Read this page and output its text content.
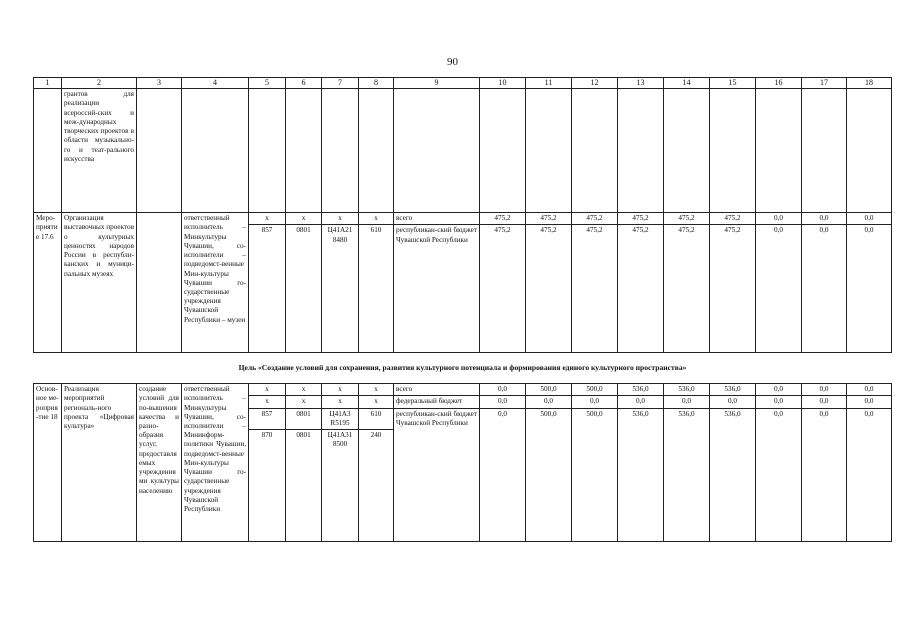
90
1	2	3	4	5	6	7	8	9	10	11	12	13	14	15	16	17	18
	грантов для реализации всероссий-ских и меж-дународных творческих проектов в области музыкально-го и теат-рального искусства																
Меро-приятие 17.6	Организация выставочных проектов о культурных ценностях народов России в республи-канских и муници-пальных музеях		ответственный исполнитель – Минкультуры Чувашии, со-исполнители – подведомст-венные Мин-культуры Чувашии го-сударственные учреждения Чувашской Республики – музеи	x	x	x	x	всего	475,2	475,2	475,2	475,2	475,2	475,2	0,0	0,0	0,0
				857	0801	Ц41А21 8480	610	республикан-ский бюджет Чувашской Республики	475,2	475,2	475,2	475,2	475,2	475,2	0,0	0,0	0,0
Цель «Создание условий для сохранения, развития культурного потенциала и формирования единого культурного пространства»																	
Основ-ное ме-роприя-тие 18	Реализация мероприятий региональ-ного проекта «Цифровая культура»	создание условий для по-вышения качества и разно-образия услуг, предоставляемых учреждениями культуры населению	ответственный исполнитель – Минкультуры Чувашии, со-исполнители – Мининформ-политики Чувашии, подведомст-венные Мин-культуры Чувашии го-сударственные учреждения Чувашской Республики	x	x	x	x	всего	0,0	500,0	500,0	536,0	536,0	536,0	0,0	0,0	0,0
				x	x	x	x	федеральный бюджет	0,0	0,0	0,0	0,0	0,0	0,0	0,0	0,0	0,0
				857	0801	Ц41А3 R5195	610	республикан-ский бюджет Чувашской Республики	0,0	500,0	500,0	536,0	536,0	536,0	0,0	0,0	0,0
				870	0801	Ц41А31 8500	240										
